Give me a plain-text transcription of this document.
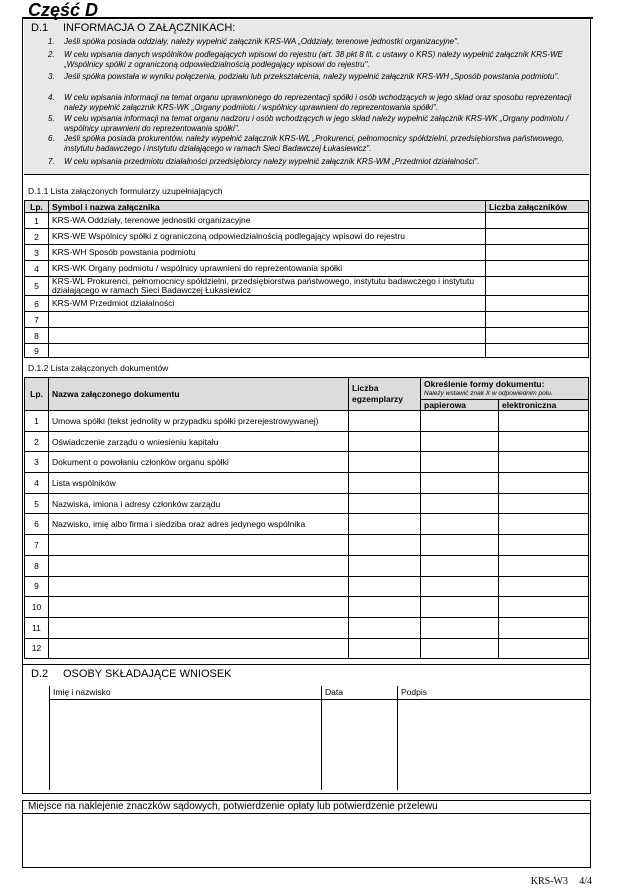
Część D
D.1 INFORMACJA O ZAŁĄCZNIKACH:
1. Jeśli spółka posiada oddziały, należy wypełnić załącznik KRS-WA „Oddziały, terenowe jednostki organizacyjne".
2. W celu wpisania danych wspólników podlegających wpisowi do rejestru (art. 38 pkt 8 lit. c ustawy o KRS) należy wypełnić załącznik KRS-WE „Wspólnicy spółki z ograniczoną odpowiedzialnością podlegający wpisowi do rejestru".
3. Jeśli spółka powstała w wyniku połączenia, podziału lub przekształcenia, należy wypełnić załącznik KRS-WH „Sposób powstania podmiotu".
4. W celu wpisania informacji na temat organu uprawnionego do reprezentacji spółki i osób wchodzących w jego skład oraz sposobu reprezentacji należy wypełnić załącznik KRS-WK „Organy podmiotu / wspólnicy uprawnieni do reprezentowania spółki".
5. W celu wpisania informacji na temat organu nadzoru i osób wchodzących w jego skład należy wypełnić załącznik KRS-WK „Organy podmiotu / wspólnicy uprawnieni do reprezentowania spółki".
6. Jeśli spółka posiada prokurentów, należy wypełnić załącznik KRS-WL „Prokurenci, pełnomocnicy spółdzielni, przedsiębiorstwa państwowego, instytutu badawczego i instytutu działającego w ramach Sieci Badawczej Łukasiewicz".
7. W celu wpisania przedmiotu działalności przedsiębiorcy należy wypełnić załącznik KRS-WM „Przedmiot działalności".
D.1.1 Lista załączonych formularzy uzupełniających
Lp.	Symbol i nazwa załącznika	Liczba załączników
1	KRS-WA Oddziały, terenowe jednostki organizacyjne	
2	KRS-WE Wspólnicy spółki z ograniczoną odpowiedzialnością podlegający wpisowi do rejestru	
3	KRS-WH Sposób powstania podmiotu	
4	KRS-WK Organy podmiotu / wspólnicy uprawnieni do reprezentowania spółki	
5	KRS-WL Prokurenci, pełnomocnicy spółdzielni, przedsiębiorstwa państwowego, instytutu badawczego i instytutu działającego w ramach Sieci Badawczej Łukasiewicz	
6	KRS-WM Przedmiot działalności	
7		
8		
9		
D.1.2 Lista załączonych dokumentów
Lp.	Nazwa załączonego dokumentu	Liczba egzemplarzy	Określenie formy dokumentu:
Należy wstawić znak X w odpowiednim polu.	

			papierowa	elektroniczna
1	Umowa spółki (tekst jednolity w przypadku spółki przerejestrowywanej)			
2	Oświadczenie zarządu o wniesieniu kapitału			
3	Dokument o powołaniu członków organu spółki			
4	Lista wspólników			
5	Nazwiska, imiona i adresy członków zarządu			
6	Nazwisko, imię albo firma i siedziba oraz adres jedynego wspólnika			
7				
8				
9				
10				
11				
12				
D.2 OSOBY SKŁADAJĄCE WNIOSEK
Imię i nazwisko	Data	Podpis
Miejsce na naklejenie znaczków sądowych, potwierdzenie opłaty lub potwierdzenie przelewu
KRS-W3 4/4
